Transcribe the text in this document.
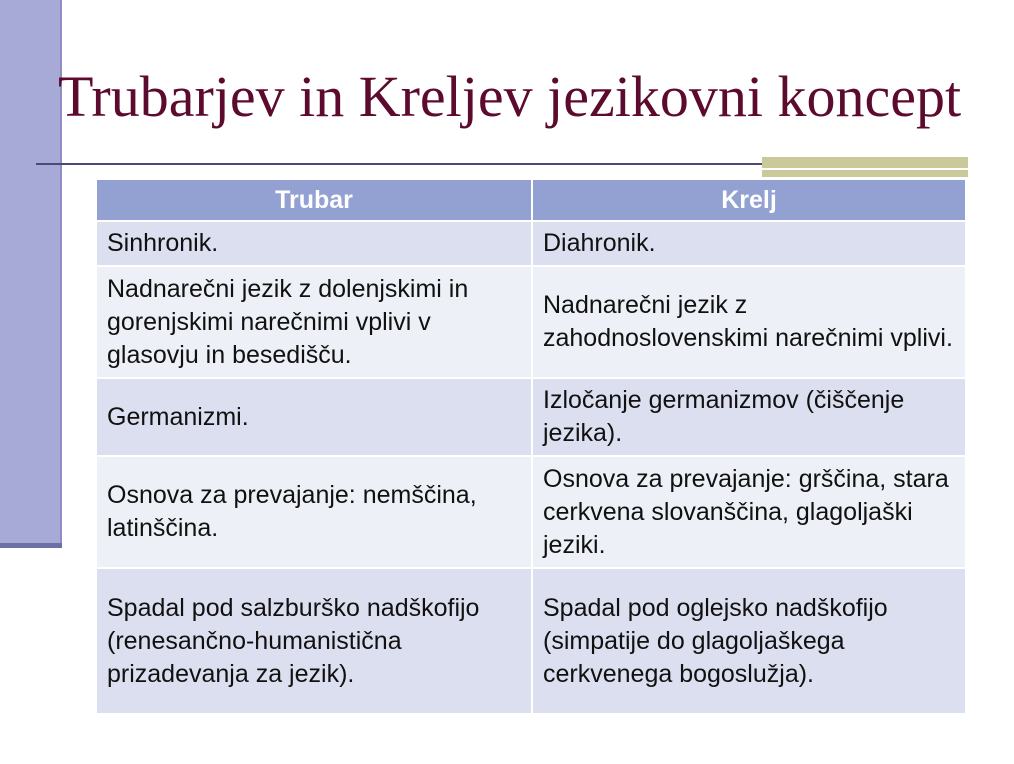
Trubarjev in Kreljev jezikovni koncept
Trubar	Krelj
Sinhronik.	Diahronik.
Nadnarečni jezik z dolenjskimi in gorenjskimi narečnimi vplivi v glasovju in besedišču.	Nadnarečni jezik z zahodnoslovenskimi narečnimi vplivi.
Germanizmi.	Izločanje germanizmov (čiščenje jezika).
Osnova za prevajanje: nemščina, latinščina.	Osnova za prevajanje: grščina, stara cerkvena slovanščina, glagoljaški jeziki.
Spadal pod salzburško nadškofijo (renesančno-humanistična prizadevanja za jezik).	Spadal pod oglejsko nadškofijo (simpatije do glagoljaškega cerkvenega bogoslužja).
